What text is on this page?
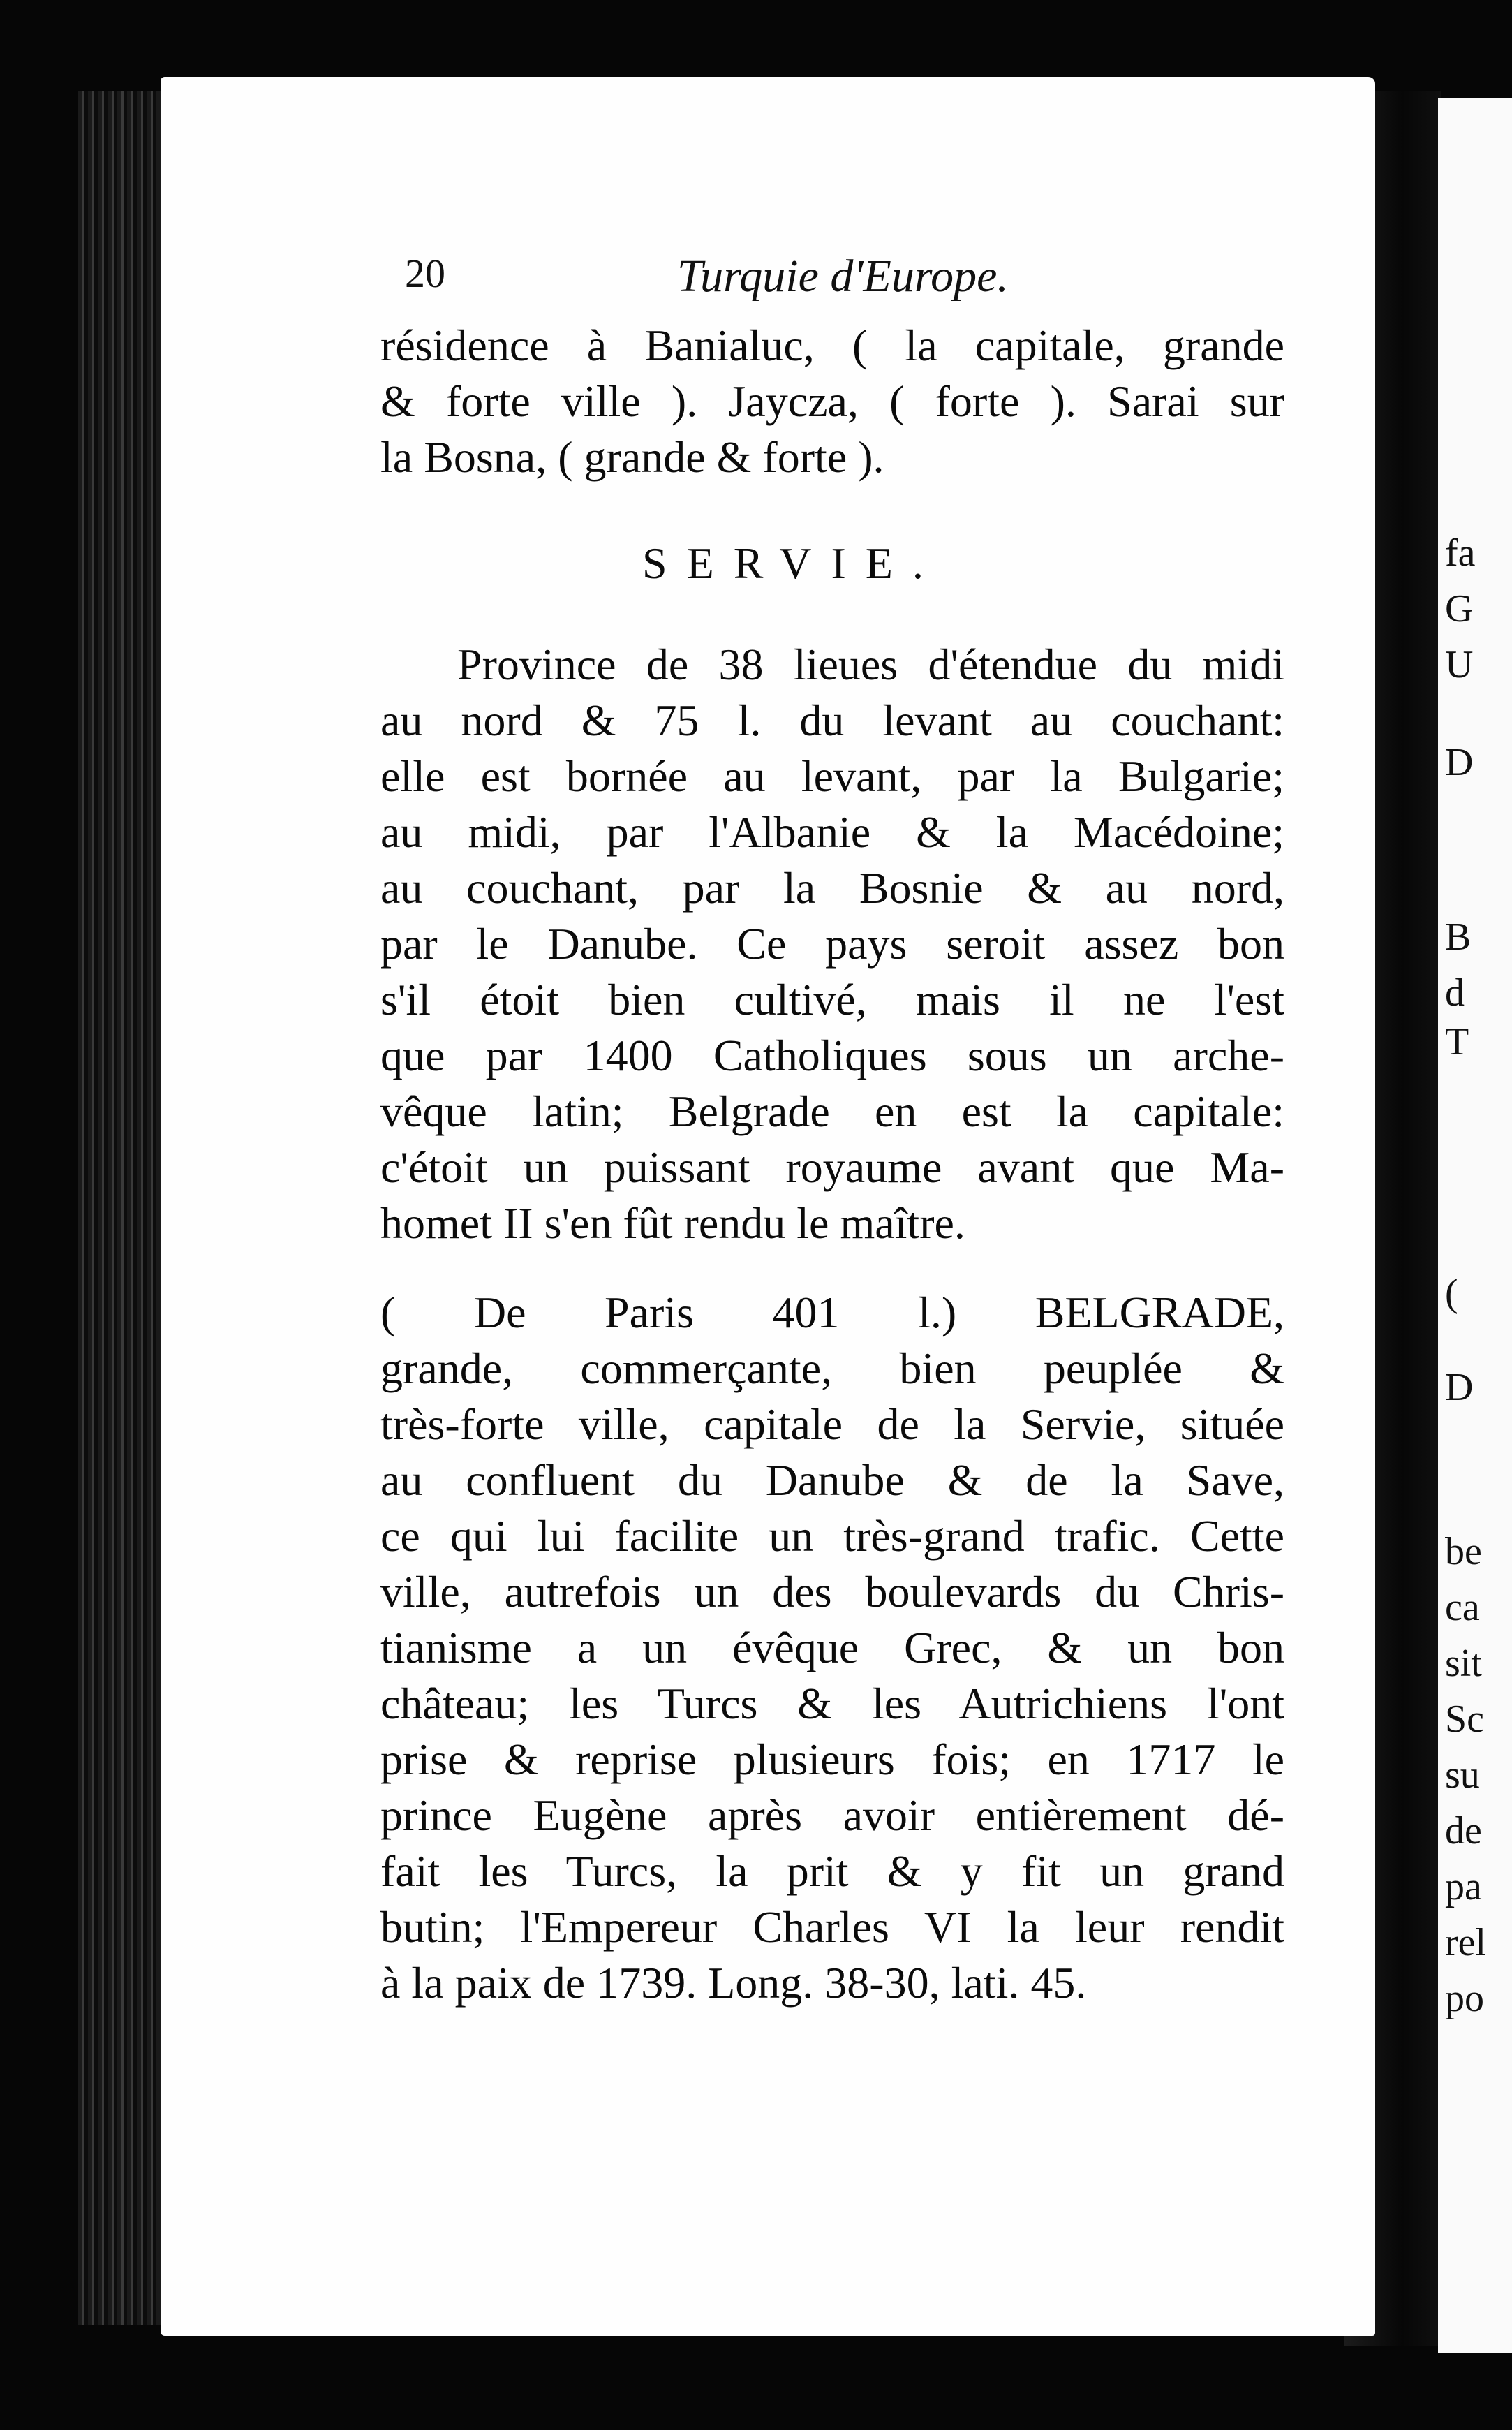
fa
G
U
D
B
d
T
(
D
be
ca
sit
Sc
su
de
pa
rel
po
20	Turquie d'Europe.
résidence à Banialuc, ( la capitale, grande
& forte ville ). Jaycza, ( forte ). Sarai sur
la Bosna, ( grande & forte ).
SERVIE.
Province de 38 lieues d'étendue du midi
au nord & 75 l. du levant au couchant:
elle est bornée au levant, par la Bulgarie;
au midi, par l'Albanie & la Macédoine;
au couchant, par la Bosnie & au nord,
par le Danube. Ce pays seroit assez bon
s'il étoit bien cultivé, mais il ne l'est
que par 1400 Catholiques sous un arche-
vêque latin; Belgrade en est la capitale:
c'étoit un puissant royaume avant que Ma-
homet II s'en fût rendu le maître.
( De Paris 401 l.) BELGRADE,
grande, commerçante, bien peuplée &
très-forte ville, capitale de la Servie, située
au confluent du Danube & de la Save,
ce qui lui facilite un très-grand trafic. Cette
ville, autrefois un des boulevards du Chris-
tianisme a un évêque Grec, & un bon
château; les Turcs & les Autrichiens l'ont
prise & reprise plusieurs fois; en 1717 le
prince Eugène après avoir entièrement dé-
fait les Turcs, la prit & y fit un grand
butin; l'Empereur Charles VI la leur rendit
à la paix de 1739. Long. 38-30, lati. 45.
